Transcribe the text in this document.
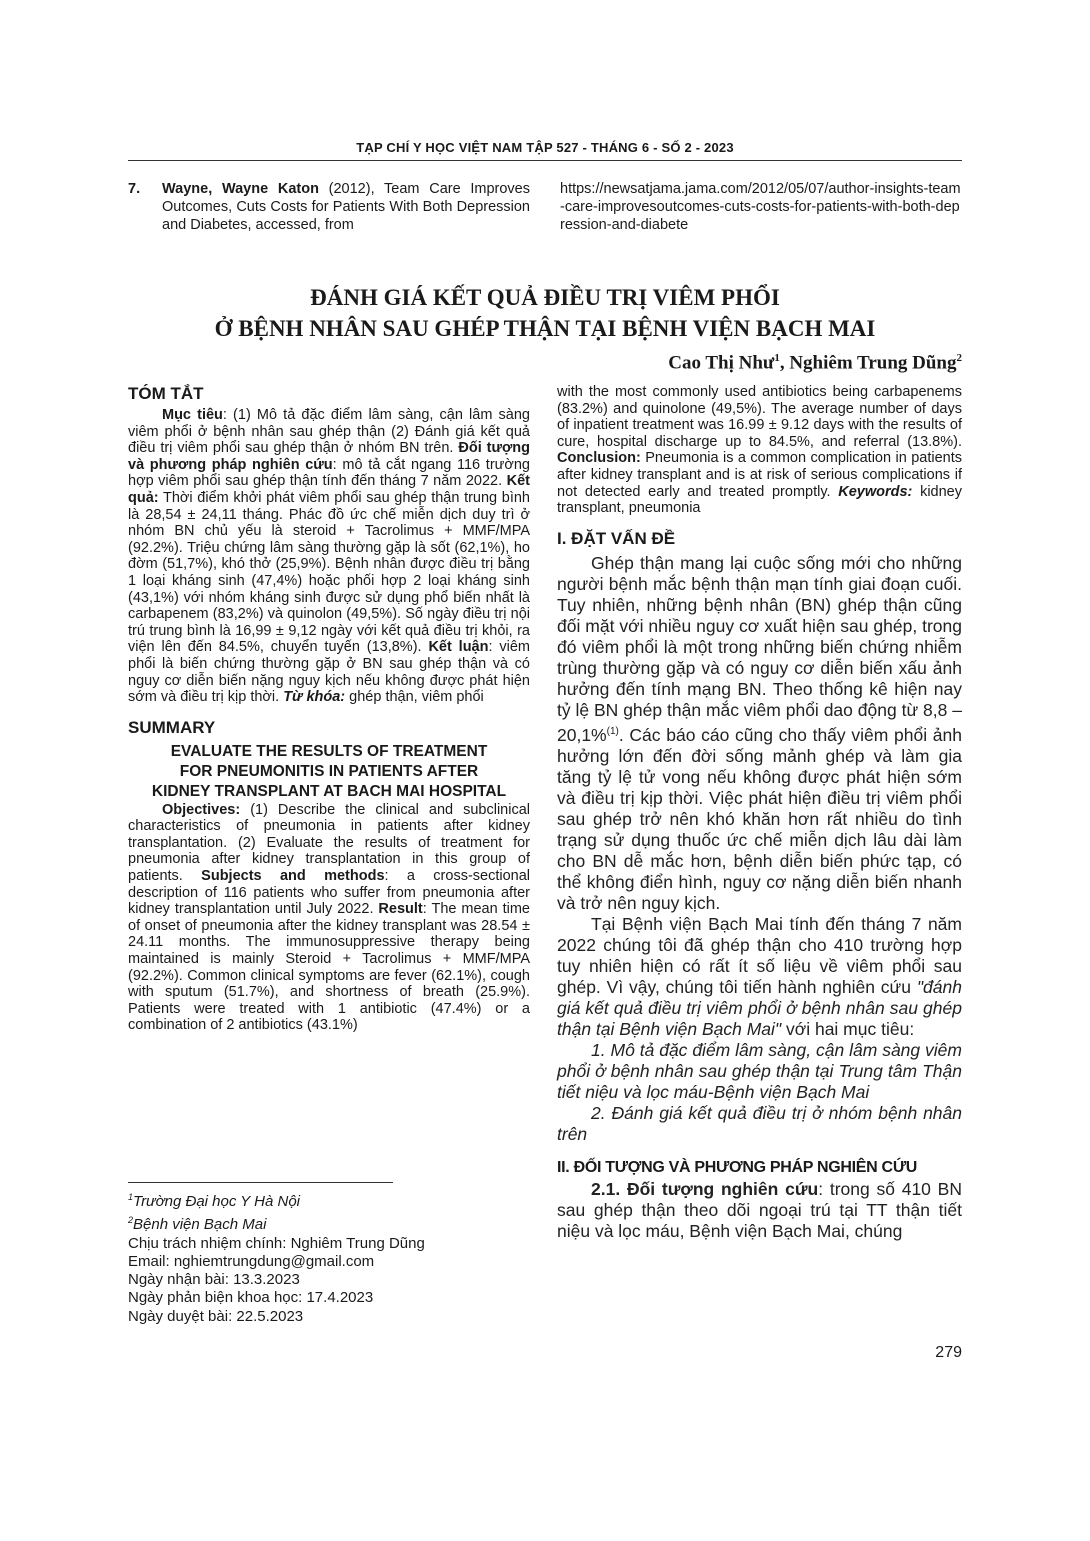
TẠP CHÍ Y HỌC VIỆT NAM TẬP 527 - THÁNG 6 - SỐ 2 - 2023
7.	Wayne, Wayne Katon (2012), Team Care Improves Outcomes, Cuts Costs for Patients With Both Depression and Diabetes, accessed, from
https://newsatjama.jama.com/2012/05/07/author-insights-team-care-improvesoutcomes-cuts-costs-for-patients-with-both-depression-and-diabete
ĐÁNH GIÁ KẾT QUẢ ĐIỀU TRỊ VIÊM PHỔI
Ở BỆNH NHÂN SAU GHÉP THẬN TẠI BỆNH VIỆN BẠCH MAI
Cao Thị Như$^1$, Nghiêm Trung Dũng$^2$

TÓM TẮT

Mục tiêu: (1) Mô tả đặc điểm lâm sàng, cận lâm sàng viêm phổi ở bệnh nhân sau ghép thận (2) Đánh giá kết quả điều trị viêm phổi sau ghép thận ở nhóm BN trên. Đối tượng và phương pháp nghiên cứu: mô tả cắt ngang 116 trường hợp viêm phổi sau ghép thận tính đến tháng 7 năm 2022. Kết quả: Thời điểm khởi phát viêm phổi sau ghép thận trung bình là 28,54 ± 24,11 tháng. Phác đồ ức chế miễn dịch duy trì ở nhóm BN chủ yếu là steroid + Tacrolimus + MMF/MPA (92.2%). Triệu chứng lâm sàng thường gặp là sốt (62,1%), ho đờm (51,7%), khó thở (25,9%). Bệnh nhân được điều trị bằng 1 loại kháng sinh (47,4%) hoặc phối hợp 2 loại kháng sinh (43,1%) với nhóm kháng sinh được sử dụng phổ biến nhất là carbapenem (83,2%) và quinolon (49,5%). Số ngày điều trị nội trú trung bình là 16,99 ± 9,12 ngày với kết quả điều trị khỏi, ra viện lên đến 84.5%, chuyển tuyến (13,8%). Kết luận: viêm phổi là biến chứng thường gặp ở BN sau ghép thận và có nguy cơ diễn biến nặng nguy kịch nếu không được phát hiện sớm và điều trị kịp thời. Từ khóa: ghép thận, viêm phổi

SUMMARY

EVALUATE THE RESULTS OF TREATMENT
FOR PNEUMONITIS IN PATIENTS AFTER
KIDNEY TRANSPLANT AT BACH MAI HOSPITAL

Objectives: (1) Describe the clinical and subclinical characteristics of pneumonia in patients after kidney transplantation. (2) Evaluate the results of treatment for pneumonia after kidney transplantation in this group of patients. Subjects and methods: a cross-sectional description of 116 patients who suffer from pneumonia after kidney transplantation until July 2022. Result: The mean time of onset of pneumonia after the kidney transplant was 28.54 ± 24.11 months. The immunosuppressive therapy being maintained is mainly Steroid + Tacrolimus + MMF/MPA (92.2%). Common clinical symptoms are fever (62.1%), cough with sputum (51.7%), and shortness of breath (25.9%). Patients were treated with 1 antibiotic (47.4%) or a combination of 2 antibiotics (43.1%)

$^1$Trường Đại học Y Hà Nội
$^2$Bệnh viện Bạch Mai
Chịu trách nhiệm chính: Nghiêm Trung Dũng
Email: nghiemtrungdung@gmail.com
Ngày nhận bài: 13.3.2023
Ngày phản biện khoa học: 17.4.2023
Ngày duyệt bài: 22.5.2023

with the most commonly used antibiotics being carbapenems (83.2%) and quinolone (49,5%). The average number of days of inpatient treatment was 16.99 ± 9.12 days with the results of cure, hospital discharge up to 84.5%, and referral (13.8%). Conclusion: Pneumonia is a common complication in patients after kidney transplant and is at risk of serious complications if not detected early and treated promptly. Keywords: kidney transplant, pneumonia

I. ĐẶT VẤN ĐỀ

Ghép thận mang lại cuộc sống mới cho những người bệnh mắc bệnh thận mạn tính giai đoạn cuối. Tuy nhiên, những bệnh nhân (BN) ghép thận cũng đối mặt với nhiều nguy cơ xuất hiện sau ghép, trong đó viêm phổi là một trong những biến chứng nhiễm trùng thường gặp và có nguy cơ diễn biến xấu ảnh hưởng đến tính mạng BN. Theo thống kê hiện nay tỷ lệ BN ghép thận mắc viêm phổi dao động từ 8,8 – 20,1%$^{(1)}$. Các báo cáo cũng cho thấy viêm phổi ảnh hưởng lớn đến đời sống mảnh ghép và làm gia tăng tỷ lệ tử vong nếu không được phát hiện sớm và điều trị kịp thời. Việc phát hiện điều trị viêm phổi sau ghép trở nên khó khăn hơn rất nhiều do tình trạng sử dụng thuốc ức chế miễn dịch lâu dài làm cho BN dễ mắc hơn, bệnh diễn biến phức tạp, có thể không điển hình, nguy cơ nặng diễn biến nhanh và trở nên nguy kịch.

Tại Bệnh viện Bạch Mai tính đến tháng 7 năm 2022 chúng tôi đã ghép thận cho 410 trường hợp tuy nhiên hiện có rất ít số liệu về viêm phổi sau ghép. Vì vậy, chúng tôi tiến hành nghiên cứu "đánh giá kết quả điều trị viêm phổi ở bệnh nhân sau ghép thận tại Bệnh viện Bạch Mai" với hai mục tiêu:

1. Mô tả đặc điểm lâm sàng, cận lâm sàng viêm phổi ở bệnh nhân sau ghép thận tại Trung tâm Thận tiết niệu và lọc máu-Bệnh viện Bạch Mai

2. Đánh giá kết quả điều trị ở nhóm bệnh nhân trên

II. ĐỐI TƯỢNG VÀ PHƯƠNG PHÁP NGHIÊN CỨU

2.1. Đối tượng nghiên cứu: trong số 410 BN sau ghép thận theo dõi ngoại trú tại TT thận tiết niệu và lọc máu, Bệnh viện Bạch Mai, chúng

279
